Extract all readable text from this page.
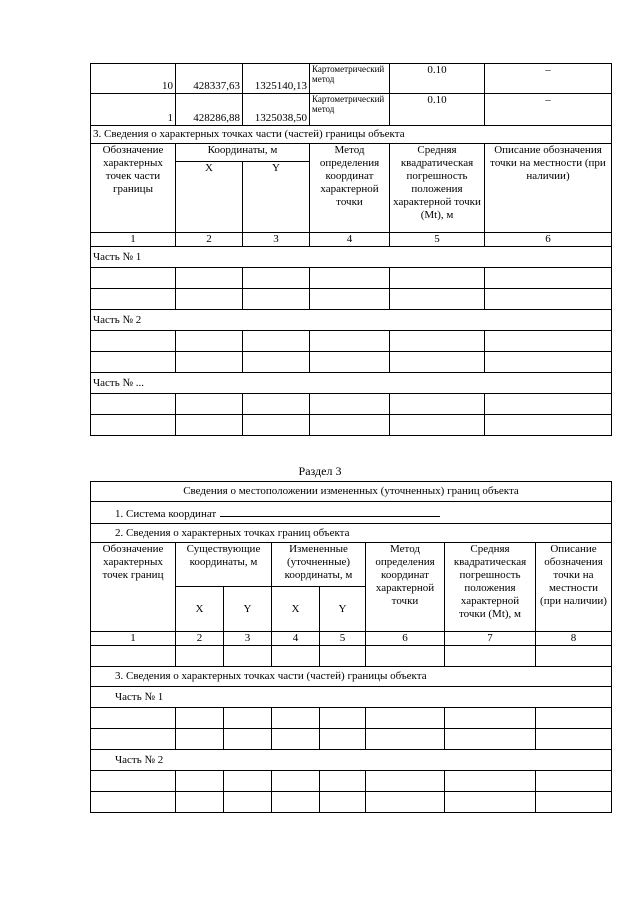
10	428337,63	1325140,13	Картометрический метод	0.10	–
1	428286,88	1325038,50	Картометрический метод	0.10	–
3. Сведения о характерных точках части (частей) границы объекта					
Обозначение характерных точек части границы	Координаты, м		Метод определения координат характерной точки	Средняя квадратическая погрешность положения характерной точки (Mt), м	Описание обозначения точки на местности (при наличии)
	X	Y			
1	2	3	4	5	6
Часть № 1					

Часть № 2					

Часть № ...					

Раздел 3
Сведения о местоположении измененных (уточненных) границ объекта							
1. Система координат							
2. Сведения о характерных точках границ объекта							
Обозначение характерных точек границ	Существующие координаты, м		Измененные (уточненные) координаты, м		Метод определения координат характерной точки	Средняя квадратическая погрешность положения характерной точки (Mt), м	Описание обозначения точки на местности (при наличии)
	X	Y	X	Y			
1	2	3	4	5	6	7	8

3. Сведения о характерных точках части (частей) границы объекта							
Часть № 1							

Часть № 2							
